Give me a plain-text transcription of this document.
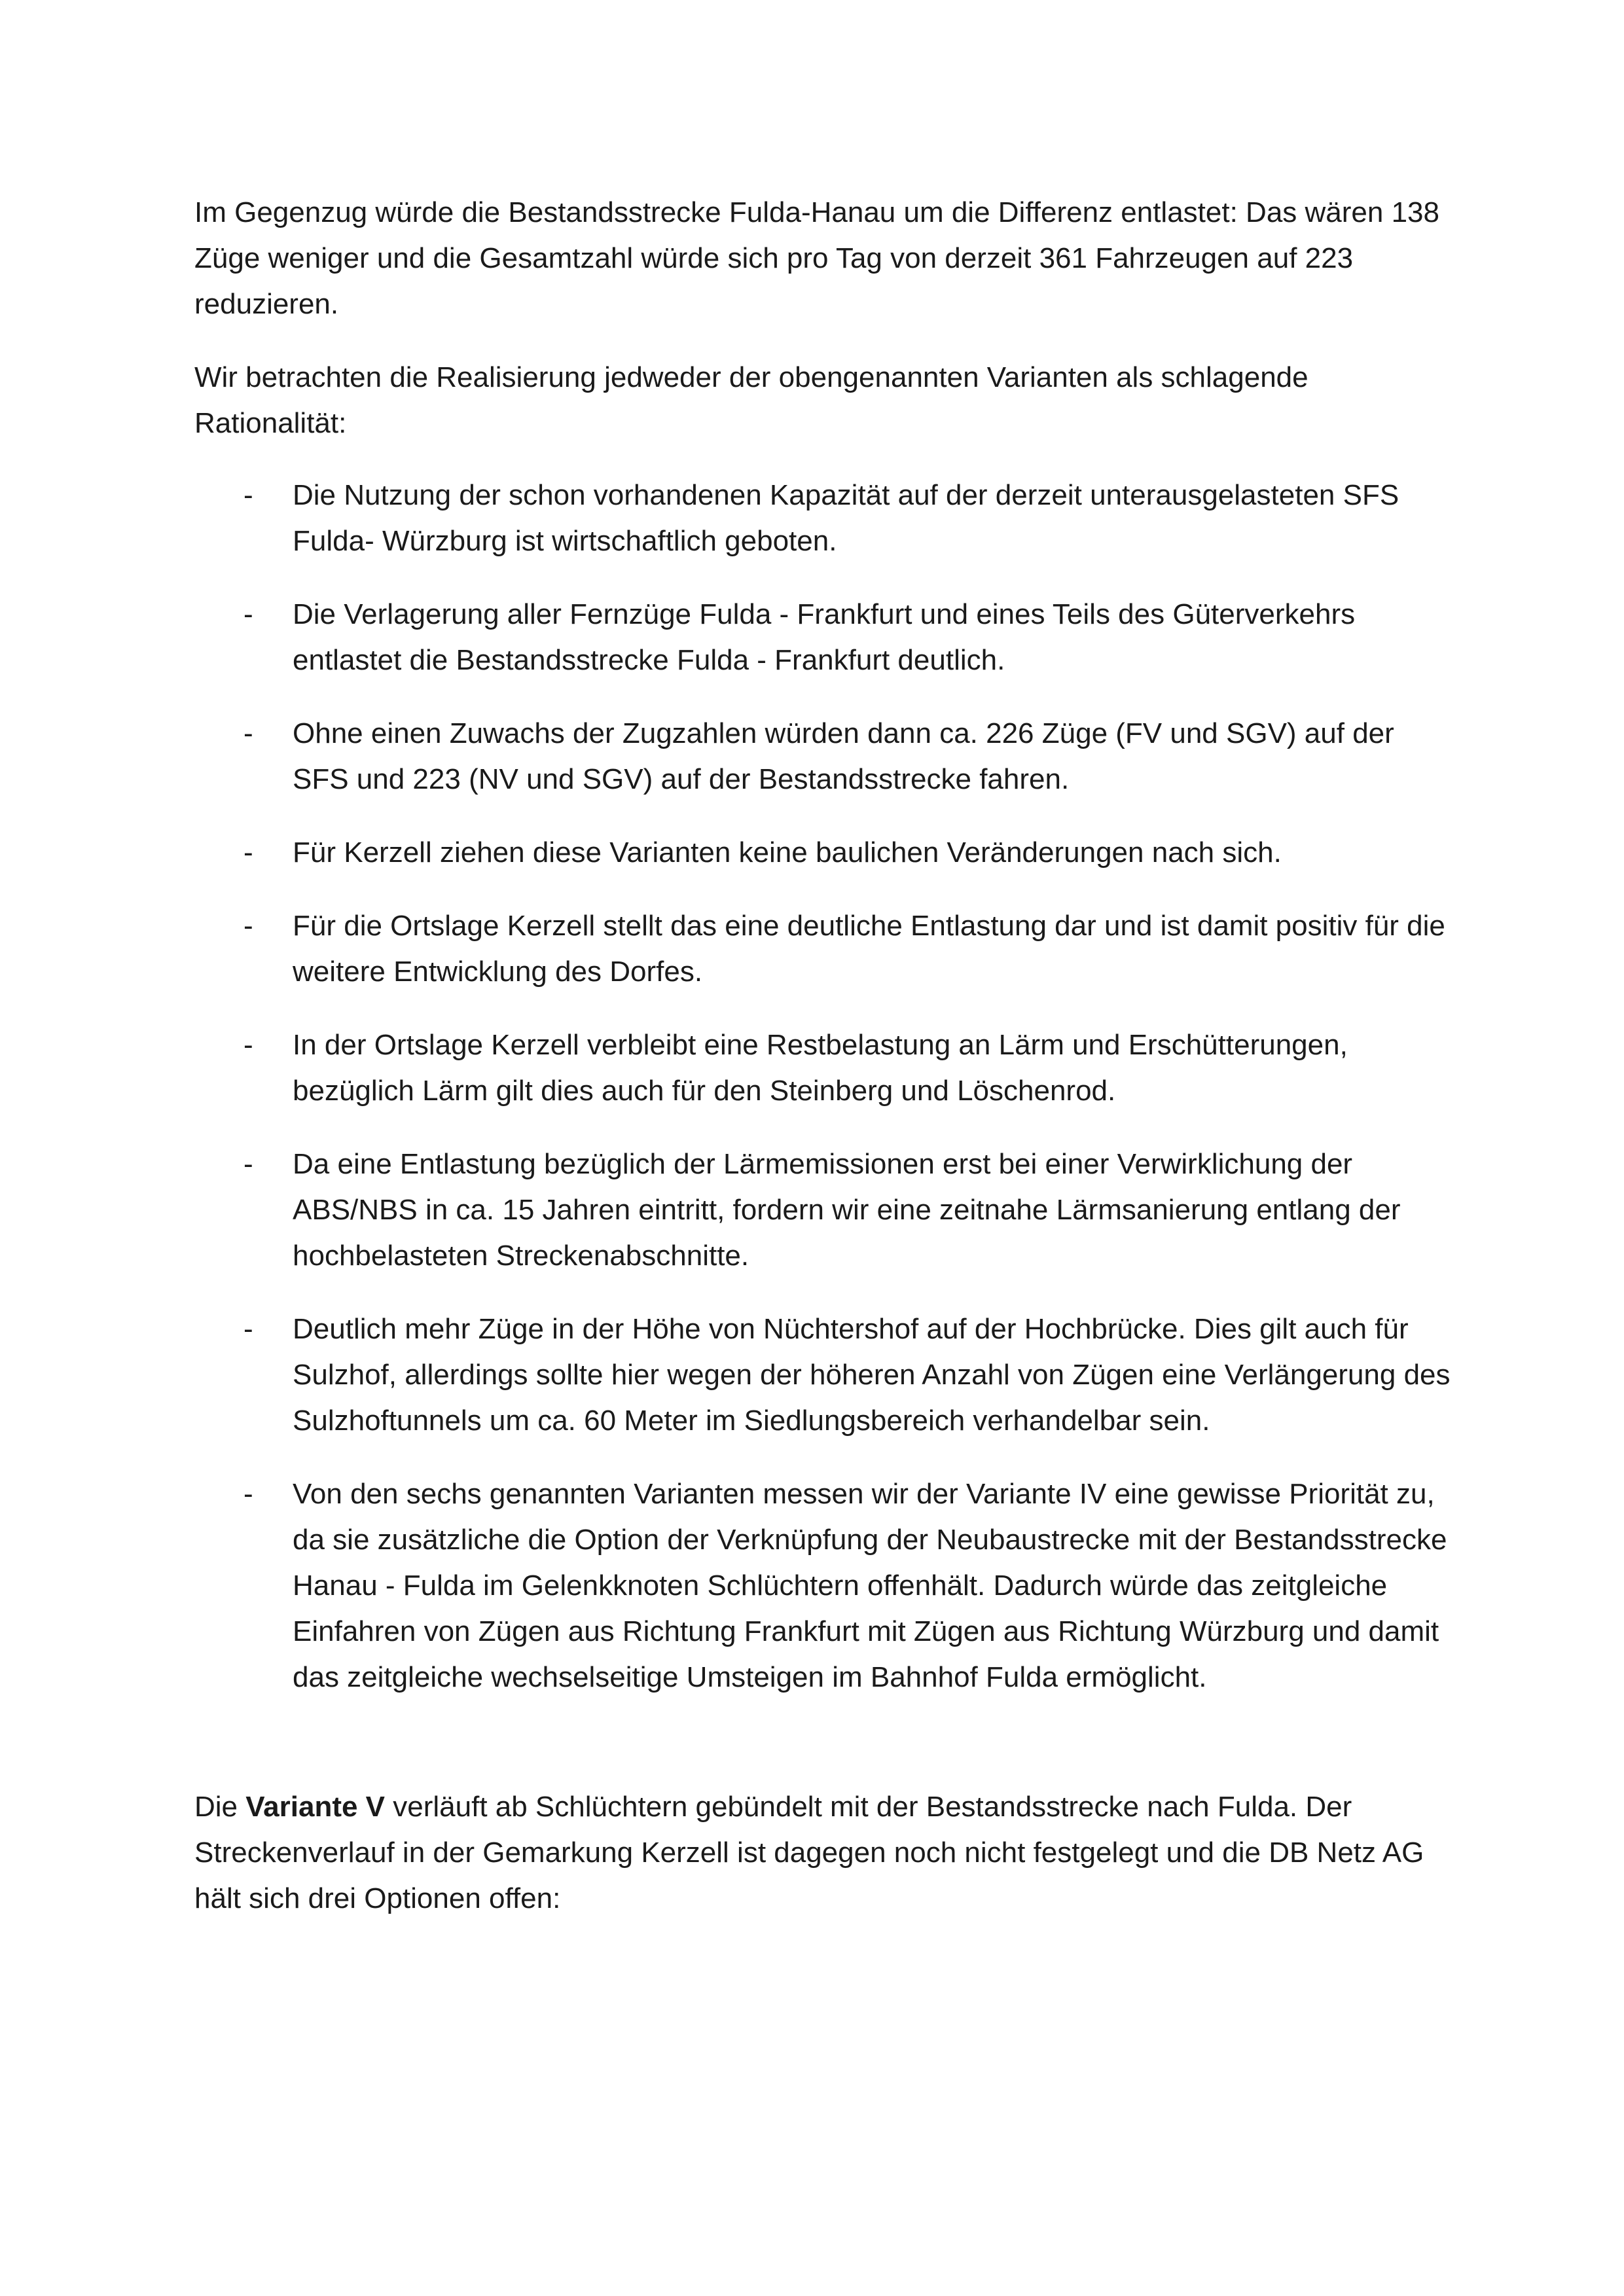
Im Gegenzug würde die Bestandsstrecke Fulda-Hanau um die Differenz entlastet: Das wären 138 Züge weniger und die Gesamtzahl würde sich pro Tag von derzeit 361 Fahrzeugen auf 223 reduzieren.

Wir betrachten die Realisierung jedweder der obengenannten Varianten als schlagende Rationalität:

- Die Nutzung der schon vorhandenen Kapazität auf der derzeit unterausgelasteten SFS Fulda- Würzburg ist wirtschaftlich geboten.
- Die Verlagerung aller Fernzüge Fulda - Frankfurt und eines Teils des Güterverkehrs entlastet die Bestandsstrecke Fulda - Frankfurt deutlich.
- Ohne einen Zuwachs der Zugzahlen würden dann ca. 226 Züge (FV und SGV) auf der SFS und 223 (NV und SGV) auf der Bestandsstrecke fahren.
- Für Kerzell ziehen diese Varianten keine baulichen Veränderungen nach sich.
- Für die Ortslage Kerzell stellt das eine deutliche Entlastung dar und ist damit positiv für die weitere Entwicklung des Dorfes.
- In der Ortslage Kerzell verbleibt eine Restbelastung an Lärm und Erschütterungen, bezüglich Lärm gilt dies auch für den Steinberg und Löschenrod.
- Da eine Entlastung bezüglich der Lärmemissionen erst bei einer Verwirklichung der ABS/NBS in ca. 15 Jahren eintritt, fordern wir eine zeitnahe Lärmsanierung entlang der hochbelasteten Streckenabschnitte.
- Deutlich mehr Züge in der Höhe von Nüchtershof auf der Hochbrücke. Dies gilt auch für Sulzhof, allerdings sollte hier wegen der höheren Anzahl von Zügen eine Verlängerung des Sulzhoftunnels um ca. 60 Meter im Siedlungsbereich verhandelbar sein.
- Von den sechs genannten Varianten messen wir der Variante IV eine gewisse Priorität zu, da sie zusätzliche die Option der Verknüpfung der Neubaustrecke mit der Bestandsstrecke Hanau - Fulda im Gelenkknoten Schlüchtern offenhält. Dadurch würde das zeitgleiche Einfahren von Zügen aus Richtung Frankfurt mit Zügen aus Richtung Würzburg und damit das zeitgleiche wechselseitige Umsteigen im Bahnhof Fulda ermöglicht.

Die Variante V verläuft ab Schlüchtern gebündelt mit der Bestandsstrecke nach Fulda. Der Streckenverlauf in der Gemarkung Kerzell ist dagegen noch nicht festgelegt und die DB Netz AG hält sich drei Optionen offen:
